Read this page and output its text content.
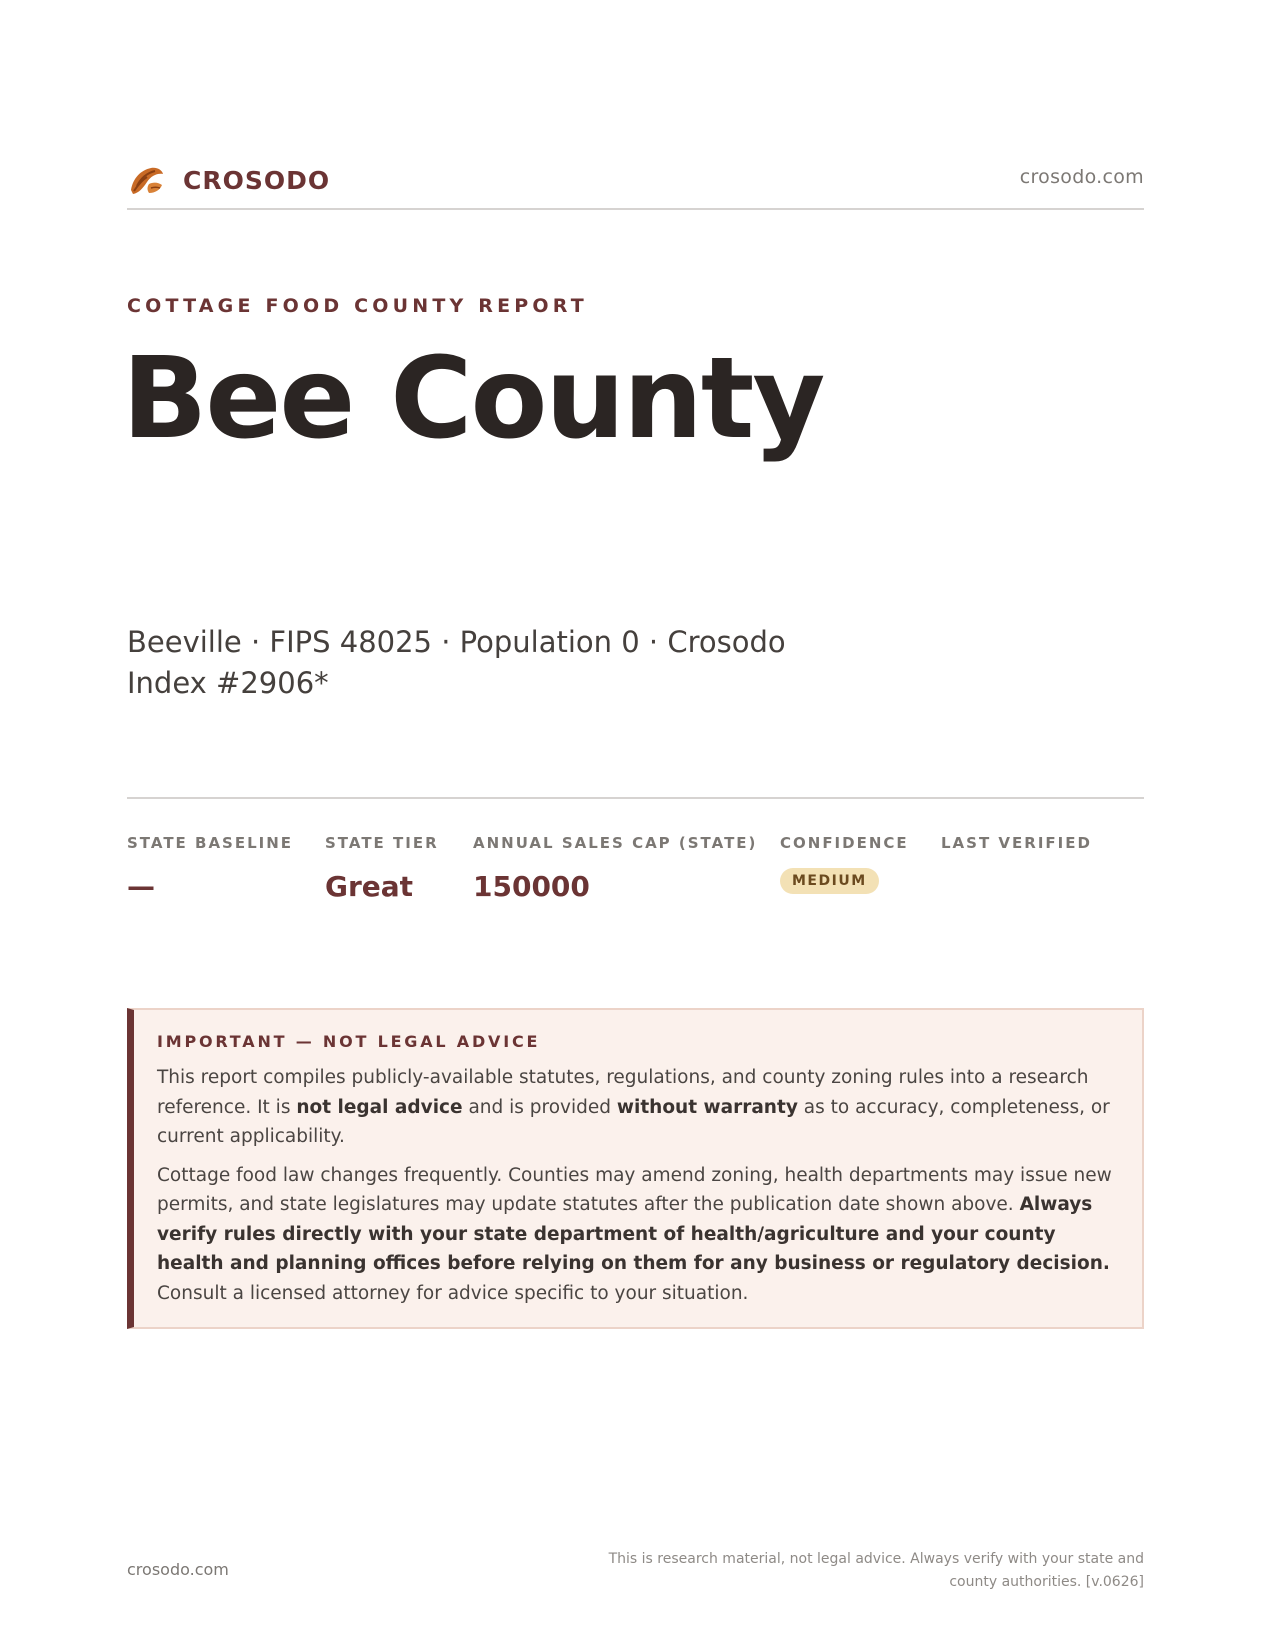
CROSODO	crosodo.com
COTTAGE FOOD COUNTY REPORT
Bee County
Beeville · FIPS 48025 · Population 0 · Crosodo Index #2906*
STATE BASELINE
—
STATE TIER
Great
ANNUAL SALES CAP (STATE)
150000
CONFIDENCE
MEDIUM
LAST VERIFIED
IMPORTANT — NOT LEGAL ADVICE

This report compiles publicly-available statutes, regulations, and county zoning rules into a research reference. It is not legal advice and is provided without warranty as to accuracy, completeness, or current applicability.

Cottage food law changes frequently. Counties may amend zoning, health departments may issue new permits, and state legislatures may update statutes after the publication date shown above. Always verify rules directly with your state department of health/agriculture and your county health and planning offices before relying on them for any business or regulatory decision. Consult a licensed attorney for advice specific to your situation.

crosodo.com
This is research material, not legal advice. Always verify with your state and county authorities. [v.0626]
